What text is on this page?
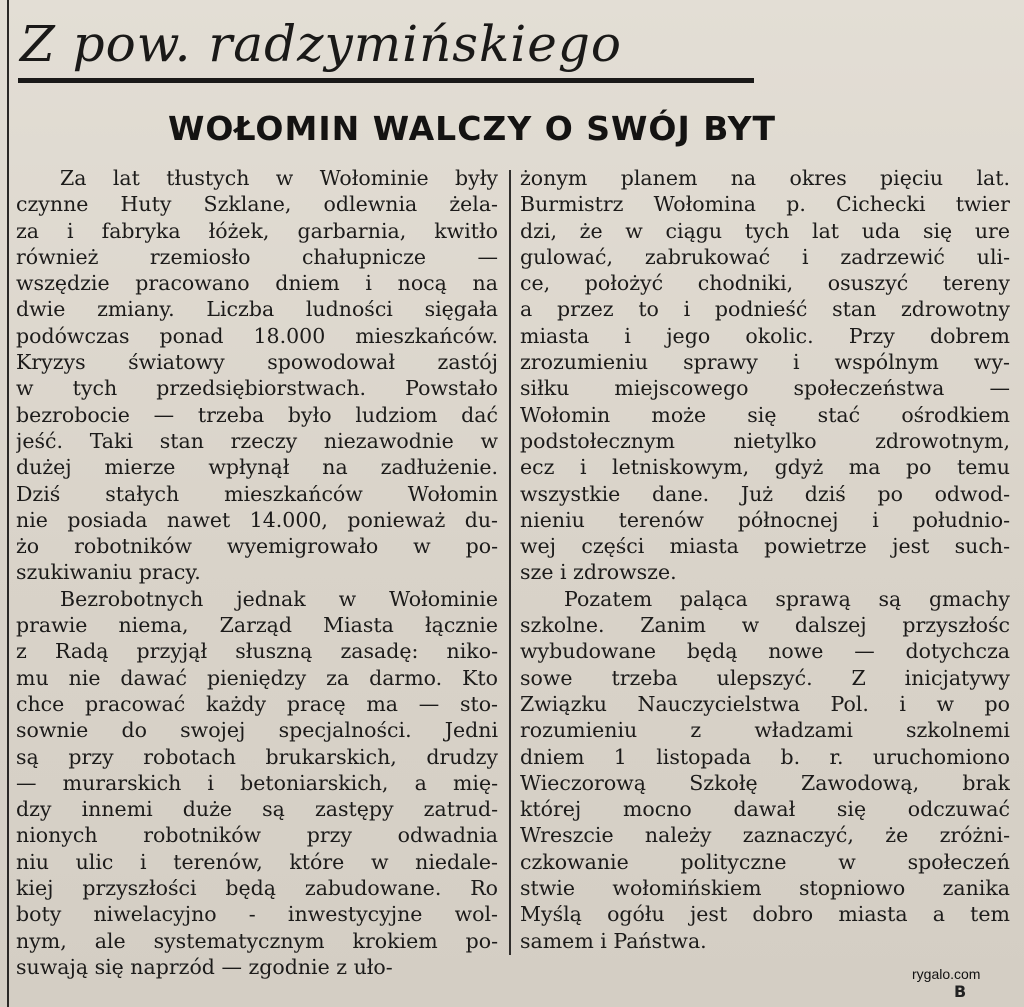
Z pow. radzymińskiego
WOŁOMIN WALCZY O SWÓJ BYT
Za lat tłustych w Wołominie były
czynne Huty Szklane, odlewnia żela-
za i fabryka łóżek, garbarnia, kwitło
również rzemiosło chałupnicze —
wszędzie pracowano dniem i nocą na
dwie zmiany. Liczba ludności sięgała
podówczas ponad 18.000 mieszkańców.
Kryzys światowy spowodował zastój
w tych przedsiębiorstwach. Powstało
bezrobocie — trzeba było ludziom dać
jeść. Taki stan rzeczy niezawodnie w
dużej mierze wpłynął na zadłużenie.
Dziś stałych mieszkańców Wołomin
nie posiada nawet 14.000, ponieważ du-
żo robotników wyemigrowało w po-
szukiwaniu pracy.
Bezrobotnych jednak w Wołominie
prawie niema, Zarząd Miasta łącznie
z Radą przyjął słuszną zasadę: niko-
mu nie dawać pieniędzy za darmo. Kto
chce pracować każdy pracę ma — sto-
sownie do swojej specjalności. Jedni
są przy robotach brukarskich, drudzy
— murarskich i betoniarskich, a mię-
dzy innemi duże są zastępy zatrud-
nionych robotników przy odwadnia
niu ulic i terenów, które w niedale-
kiej przyszłości będą zabudowane. Ro
boty niwelacyjno - inwestycyjne wol-
nym, ale systematycznym krokiem po-
suwają się naprzód — zgodnie z uło-
żonym planem na okres pięciu lat.
Burmistrz Wołomina p. Cichecki twier
dzi, że w ciągu tych lat uda się ure
gulować, zabrukować i zadrzewić uli-
ce, położyć chodniki, osuszyć tereny
a przez to i podnieść stan zdrowotny
miasta i jego okolic. Przy dobrem
zrozumieniu sprawy i wspólnym wy-
siłku miejscowego społeczeństwa —
Wołomin może się stać ośrodkiem
podstołecznym nietylko zdrowotnym,
ecz i letniskowym, gdyż ma po temu
wszystkie dane. Już dziś po odwod-
nieniu terenów północnej i południo-
wej części miasta powietrze jest such-
sze i zdrowsze.
Pozatem paląca sprawą są gmachy
szkolne. Zanim w dalszej przyszłośc
wybudowane będą nowe — dotychcza
sowe trzeba ulepszyć. Z inicjatywy
Związku Nauczycielstwa Pol. i w po
rozumieniu z władzami szkolnemi
dniem 1 listopada b. r. uruchomiono
Wieczorową Szkołę Zawodową, brak
której mocno dawał się odczuwać
Wreszcie należy zaznaczyć, że zróżni-
czkowanie polityczne w społeczeń
stwie wołomińskiem stopniowo zanika
Myślą ogółu jest dobro miasta a tem
samem i Państwa.
rygalo.com
B
